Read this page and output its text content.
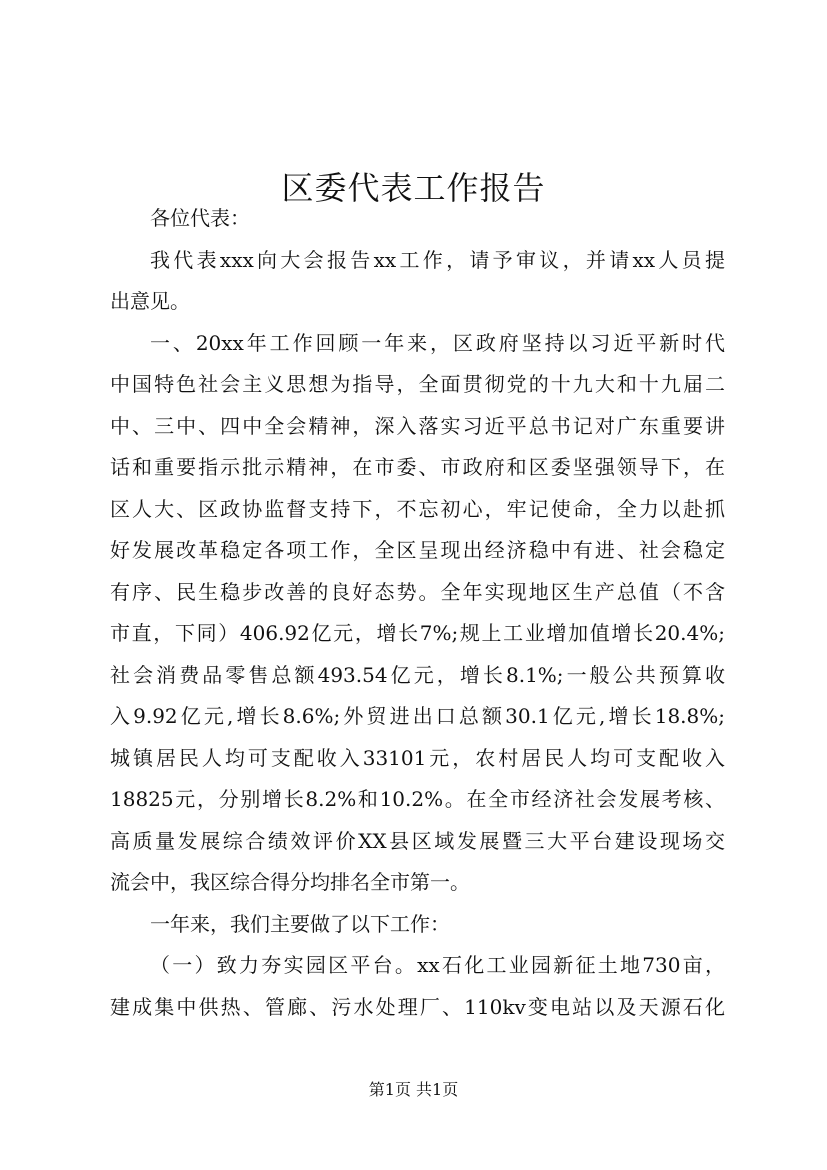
区委代表工作报告
各位代表：
我代表xxx向大会报告xx工作，请予审议，并请xx人员提
出意见。
一、20xx年工作回顾一年来，区政府坚持以习近平新时代
中国特色社会主义思想为指导，全面贯彻党的十九大和十九届二
中、三中、四中全会精神，深入落实习近平总书记对广东重要讲
话和重要指示批示精神，在市委、市政府和区委坚强领导下，在
区人大、区政协监督支持下，不忘初心，牢记使命，全力以赴抓
好发展改革稳定各项工作，全区呈现出经济稳中有进、社会稳定
有序、民生稳步改善的良好态势。全年实现地区生产总值（不含
市直，下同）406.92亿元，增长7%;规上工业增加值增长20.4%;
社会消费品零售总额493.54亿元，增长8.1%;一般公共预算收
入9.92亿元,增长8.6%;外贸进出口总额30.1亿元,增长18.8%;
城镇居民人均可支配收入33101元，农村居民人均可支配收入
18825元，分别增长8.2%和10.2%。在全市经济社会发展考核、
高质量发展综合绩效评价XX县区域发展暨三大平台建设现场交
流会中，我区综合得分均排名全市第一。
一年来，我们主要做了以下工作：
（一）致力夯实园区平台。xx石化工业园新征土地730亩，
建成集中供热、管廊、污水处理厂、110kv变电站以及天源石化
第1页 共1页
